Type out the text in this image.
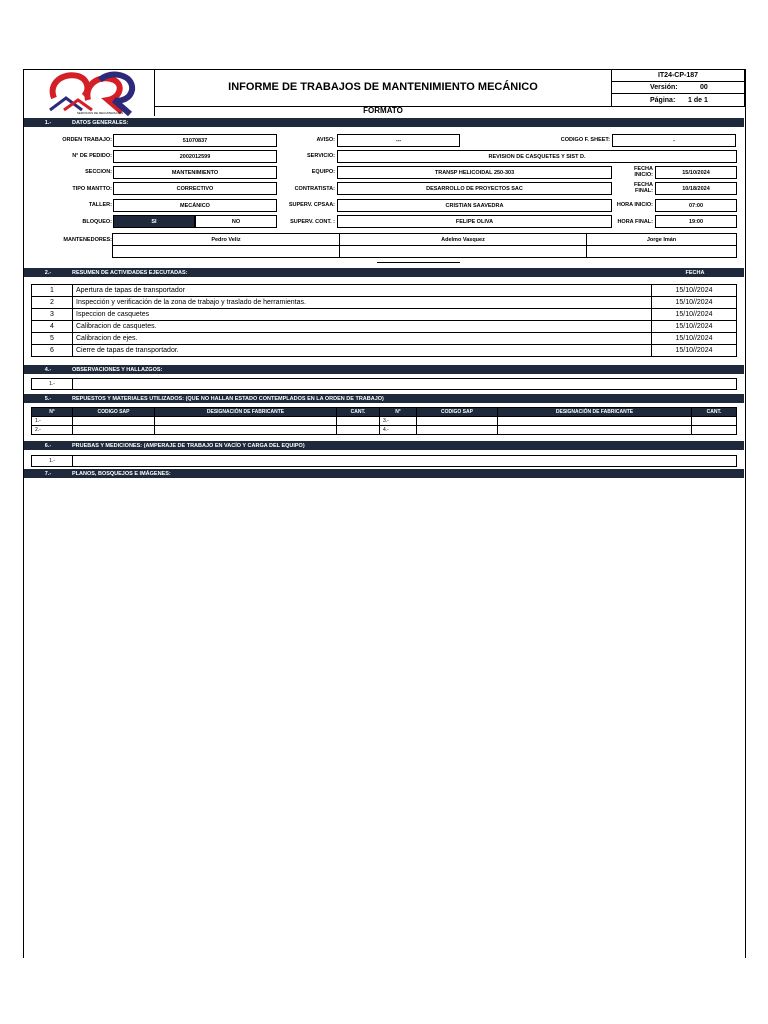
SERVICIOS DE RECUPERACIÓN
INFORME DE TRABAJOS DE MANTENIMIENTO MECÁNICO
FORMATO
IT24-CP-187
Versión:	00
Página:	1 de 1
1.-	DATOS GENERALES:
ORDEN TRABAJO:	51070837	AVISO:	---	CODIGO F. SHEET:	-
N° DE PEDIDO:	2002012599	SERVICIO:	REVISION DE CASQUETES Y SIST D.
SECCION:	MANTENIMIENTO	EQUIPO:	TRANSP HELICOIDAL 250-303
FECHA INICIO:	15/10/2024
TIPO MANTTO:	CORRECTIVO	CONTRATISTA:	DESARROLLO DE PROYECTOS SAC
FECHA FINAL:	10/18/2024
TALLER:	MECÁNICO	SUPERV. CPSAA:	CRISTIAN SAAVEDRA	HORA INICIO:	07:00
BLOQUEO:	SI	NO	SUPERV. CONT. :	FELIPE OLIVA	HORA FINAL:	19:00
MANTENEDORES:	Pedro Veliz	Adelmo Vasquez	Jorge Imán

2.-	RESUMEN DE ACTIVIDADES EJECUTADAS:	FECHA
1	Apertura de tapas de transportador	15/10//2024
2	Inspección y verificación de la zona de trabajo y traslado de herramientas.	15/10//2024
3	Ispeccion de casquetes	15/10//2024
4	Calibracion de casquetes.	15/10//2024
5	Calibracion de ejes.	15/10//2024
6	Cierre de tapas de transportador.	15/10//2024
4.-	OBSERVACIONES Y HALLAZGOS:
1.-	
5.-	REPUESTOS Y MATERIALES UTILIZADOS: (QUE NO HALLAN ESTADO CONTEMPLADOS EN LA ORDEN DE TRABAJO)
N°	CODIGO SAP	DESIGNACIÓN DE FABRICANTE	CANT.	N°	CODIGO SAP	DESIGNACIÓN DE FABRICANTE	CANT.
1.-				3.-			
2.-				4.-			
6.-	PRUEBAS Y MEDICIONES: (AMPERAJE DE TRABAJO EN VACÍO Y CARGA DEL EQUIPO)
1.-	
7.-	PLANOS, BOSQUEJOS E IMÁGENES:
